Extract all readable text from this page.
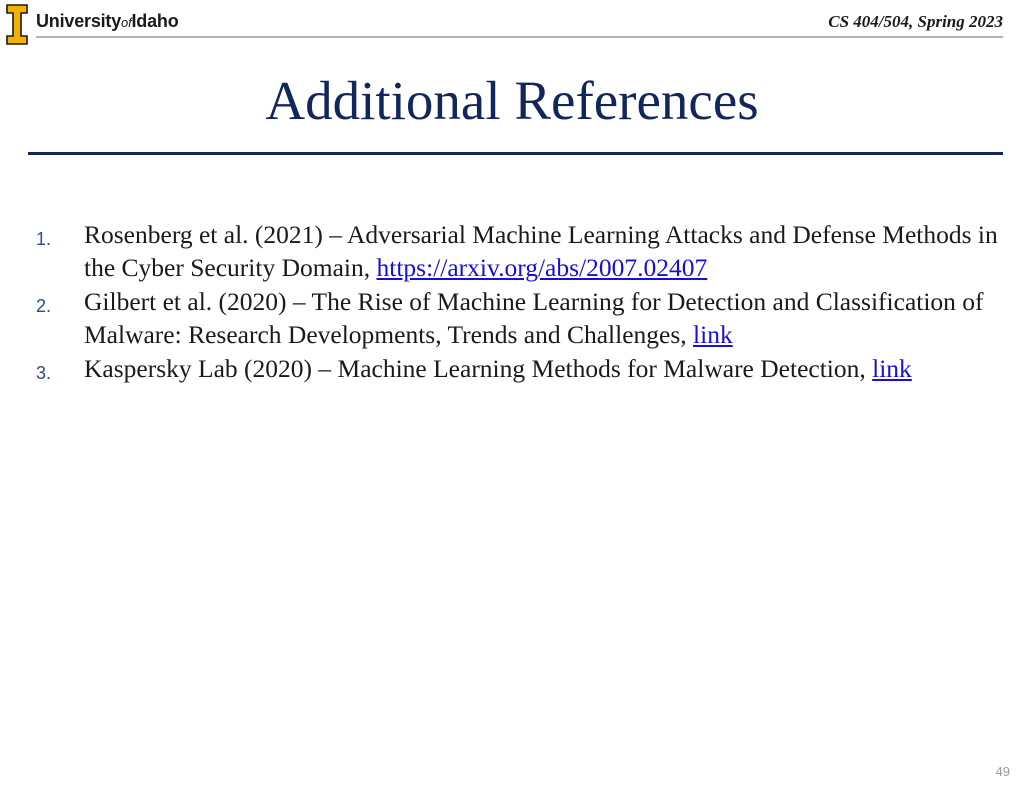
UniversityofIdaho	CS 404/504, Spring 2023
Additional References
1.	Rosenberg et al. (2021) – Adversarial Machine Learning Attacks and Defense Methods in the Cyber Security Domain, https://arxiv.org/abs/2007.02407
2.	Gilbert et al. (2020) – The Rise of Machine Learning for Detection and Classification of Malware: Research Developments, Trends and Challenges, link
3.	Kaspersky Lab (2020) – Machine Learning Methods for Malware Detection, link
49
